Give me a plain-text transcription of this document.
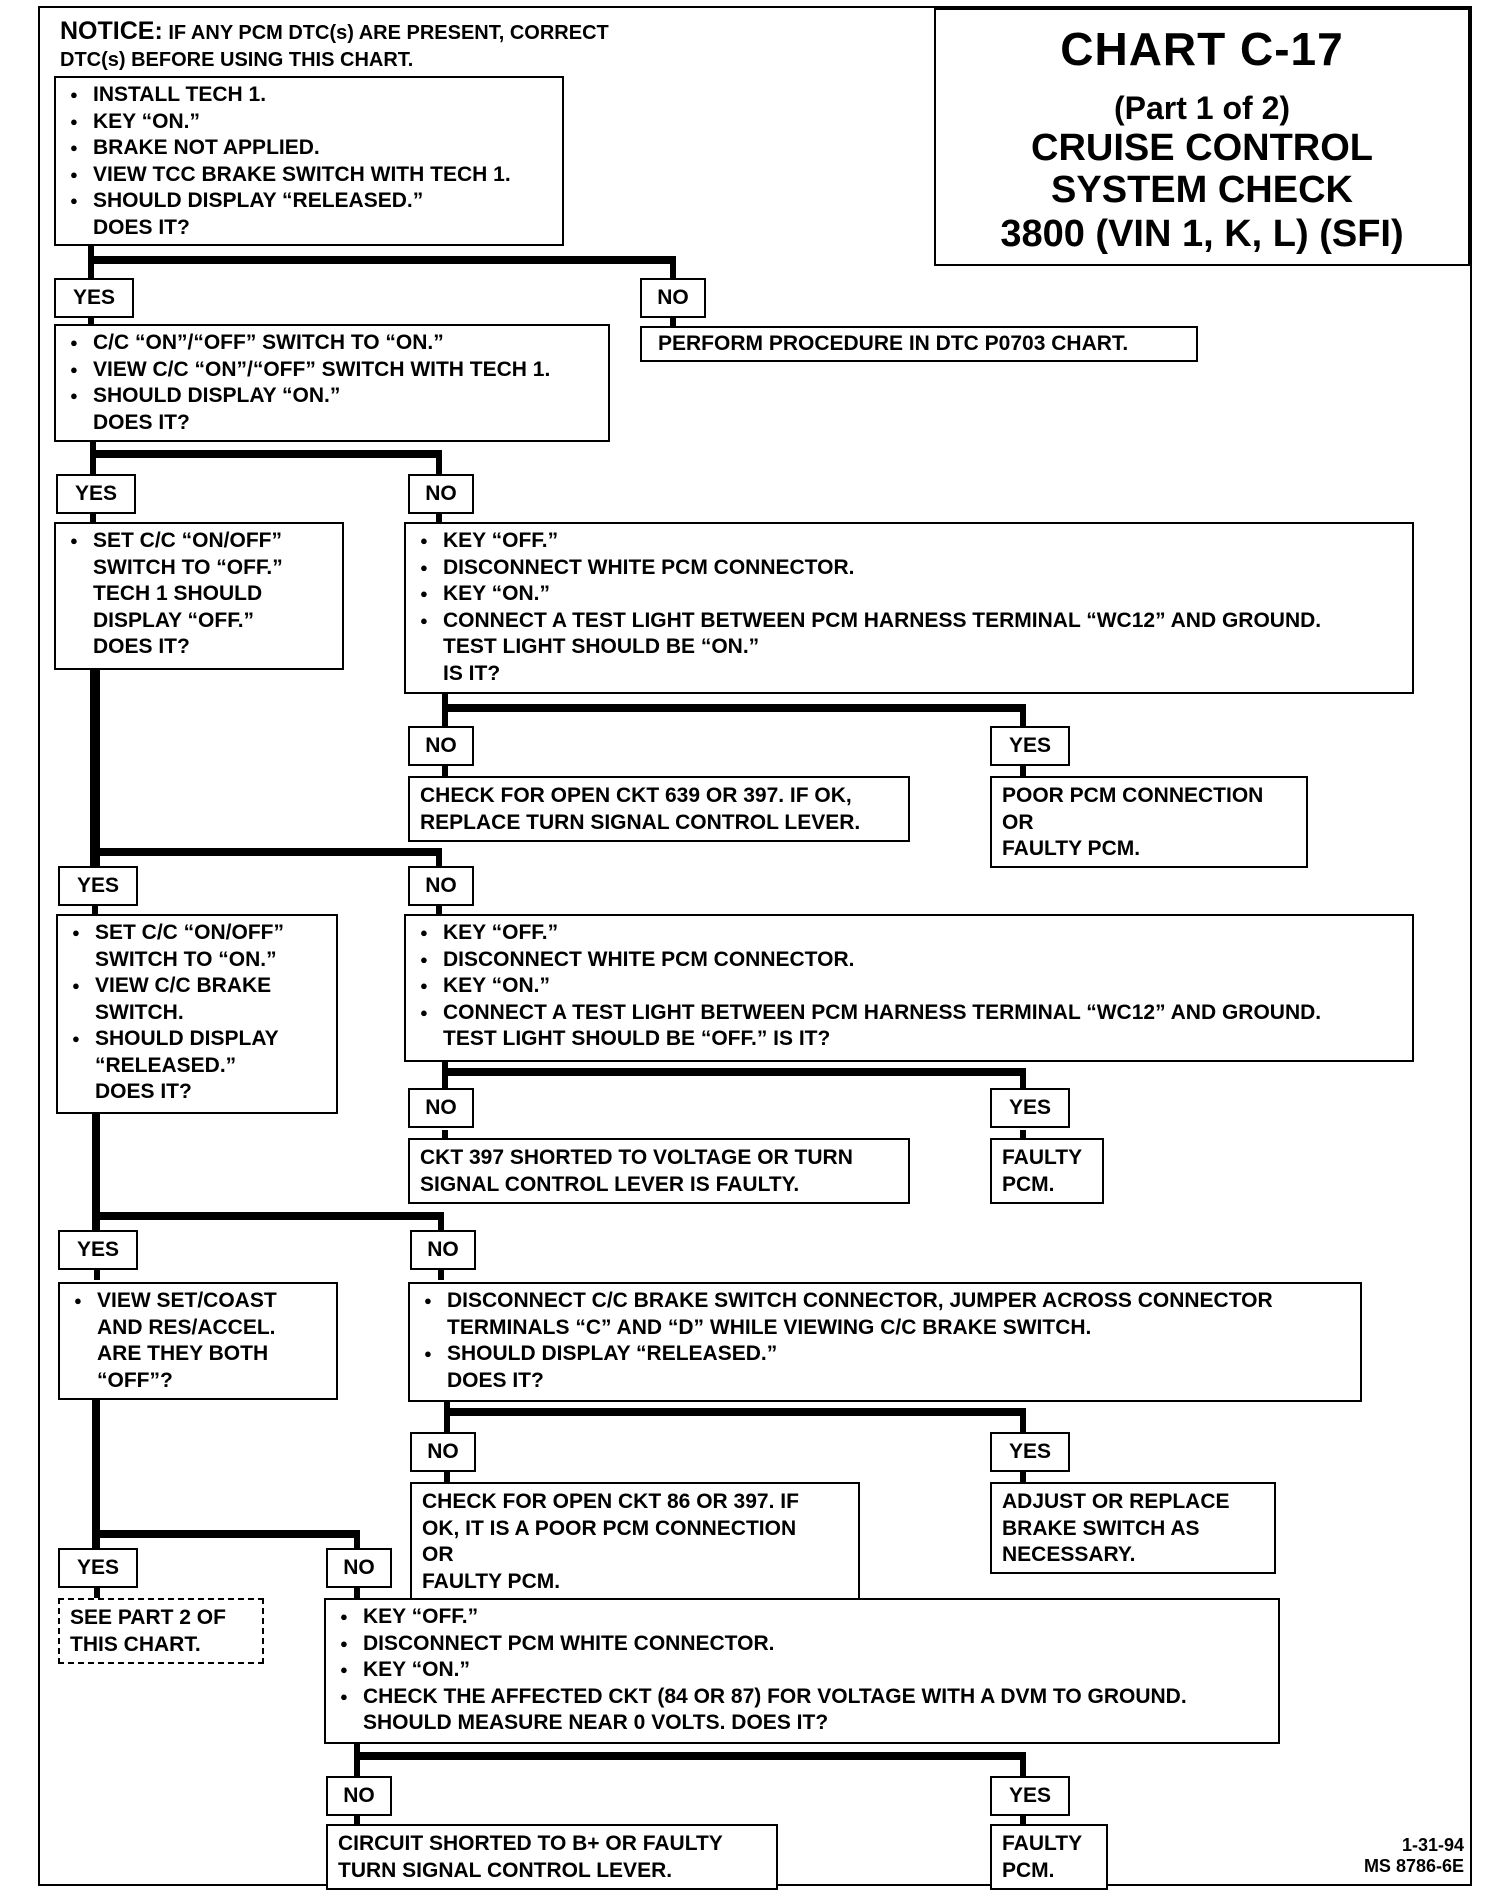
NOTICE: IF ANY PCM DTC(s) ARE PRESENT, CORRECT
DTC(s) BEFORE USING THIS CHART.	CHART C-17
(Part 1 of 2)
CRUISE CONTROL
SYSTEM CHECK
3800 (VIN 1, K, L) (SFI)
● INSTALL TECH 1.
● KEY “ON.”
● BRAKE NOT APPLIED.
● VIEW TCC BRAKE SWITCH WITH TECH 1.
● SHOULD DISPLAY “RELEASED.”
DOES IT?
YES	NO
PERFORM PROCEDURE IN DTC P0703 CHART.
● C/C “ON”/“OFF” SWITCH TO “ON.”
● VIEW C/C “ON”/“OFF” SWITCH WITH TECH 1.
● SHOULD DISPLAY “ON.”
DOES IT?
YES	NO
● SET C/C “ON/OFF”
SWITCH TO “OFF.”
TECH 1 SHOULD
DISPLAY “OFF.”
DOES IT?
● KEY “OFF.”
● DISCONNECT WHITE PCM CONNECTOR.
● KEY “ON.”
● CONNECT A TEST LIGHT BETWEEN PCM HARNESS TERMINAL “WC12” AND GROUND.
TEST LIGHT SHOULD BE “ON.”
IS IT?
NO	YES
CHECK FOR OPEN CKT 639 OR 397. IF OK,
REPLACE TURN SIGNAL CONTROL LEVER.
POOR PCM CONNECTION
OR
FAULTY PCM.
YES	NO
● SET C/C “ON/OFF”
SWITCH TO “ON.”
● VIEW C/C BRAKE
SWITCH.
● SHOULD DISPLAY
“RELEASED.”
DOES IT?
● KEY “OFF.”
● DISCONNECT WHITE PCM CONNECTOR.
● KEY “ON.”
● CONNECT A TEST LIGHT BETWEEN PCM HARNESS TERMINAL “WC12” AND GROUND.
TEST LIGHT SHOULD BE “OFF.” IS IT?
NO	YES
CKT 397 SHORTED TO VOLTAGE OR TURN
SIGNAL CONTROL LEVER IS FAULTY.
FAULTY
PCM.
YES	NO
● VIEW SET/COAST
AND RES/ACCEL.
ARE THEY BOTH
“OFF”?
● DISCONNECT C/C BRAKE SWITCH CONNECTOR, JUMPER ACROSS CONNECTOR
TERMINALS “C” AND “D” WHILE VIEWING C/C BRAKE SWITCH.
● SHOULD DISPLAY “RELEASED.”
DOES IT?
NO	YES
CHECK FOR OPEN CKT 86 OR 397. IF
OK, IT IS A POOR PCM CONNECTION
OR
FAULTY PCM.
ADJUST OR REPLACE
BRAKE SWITCH AS
NECESSARY.
YES	NO
SEE PART 2 OF
THIS CHART.
● KEY “OFF.”
● DISCONNECT PCM WHITE CONNECTOR.
● KEY “ON.”
● CHECK THE AFFECTED CKT (84 OR 87) FOR VOLTAGE WITH A DVM TO GROUND.
SHOULD MEASURE NEAR 0 VOLTS. DOES IT?
NO	YES
CIRCUIT SHORTED TO B+ OR FAULTY
TURN SIGNAL CONTROL LEVER.
FAULTY
PCM.
1-31-94
MS 8786-6E
